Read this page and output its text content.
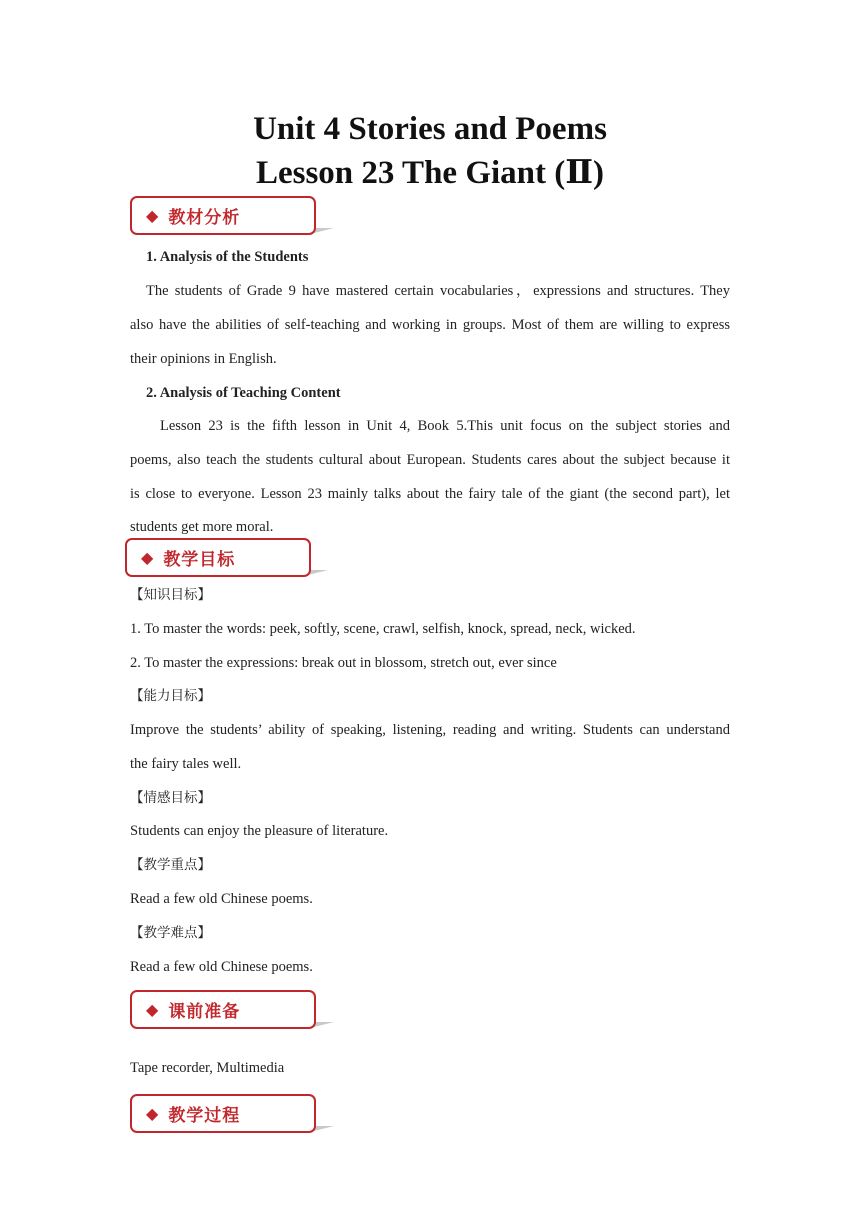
Unit 4 Stories and Poems
Lesson 23 The Giant (Ⅱ)
◆ 教材分析
1. Analysis of the Students
The students of Grade 9 have mastered certain vocabularies，expressions and structures. They
also have the abilities of self-teaching and working in groups. Most of them are willing to express
their opinions in English.
2. Analysis of Teaching Content
Lesson 23 is the fifth lesson in Unit 4, Book 5.This unit focus on the subject stories and
poems, also teach the students cultural about European. Students cares about the subject because it
is close to everyone. Lesson 23 mainly talks about the fairy tale of the giant (the second part), let
students get more moral.
◆ 教学目标
【知识目标】
1. To master the words: peek, softly, scene, crawl, selfish, knock, spread, neck, wicked.
2. To master the expressions: break out in blossom, stretch out, ever since
【能力目标】
Improve the students’ ability of speaking, listening, reading and writing. Students can understand
the fairy tales well.
【情感目标】
Students can enjoy the pleasure of literature.
【教学重点】
Read a few old Chinese poems.
【教学难点】
Read a few old Chinese poems.
◆ 课前准备
Tape recorder, Multimedia
◆ 教学过程
